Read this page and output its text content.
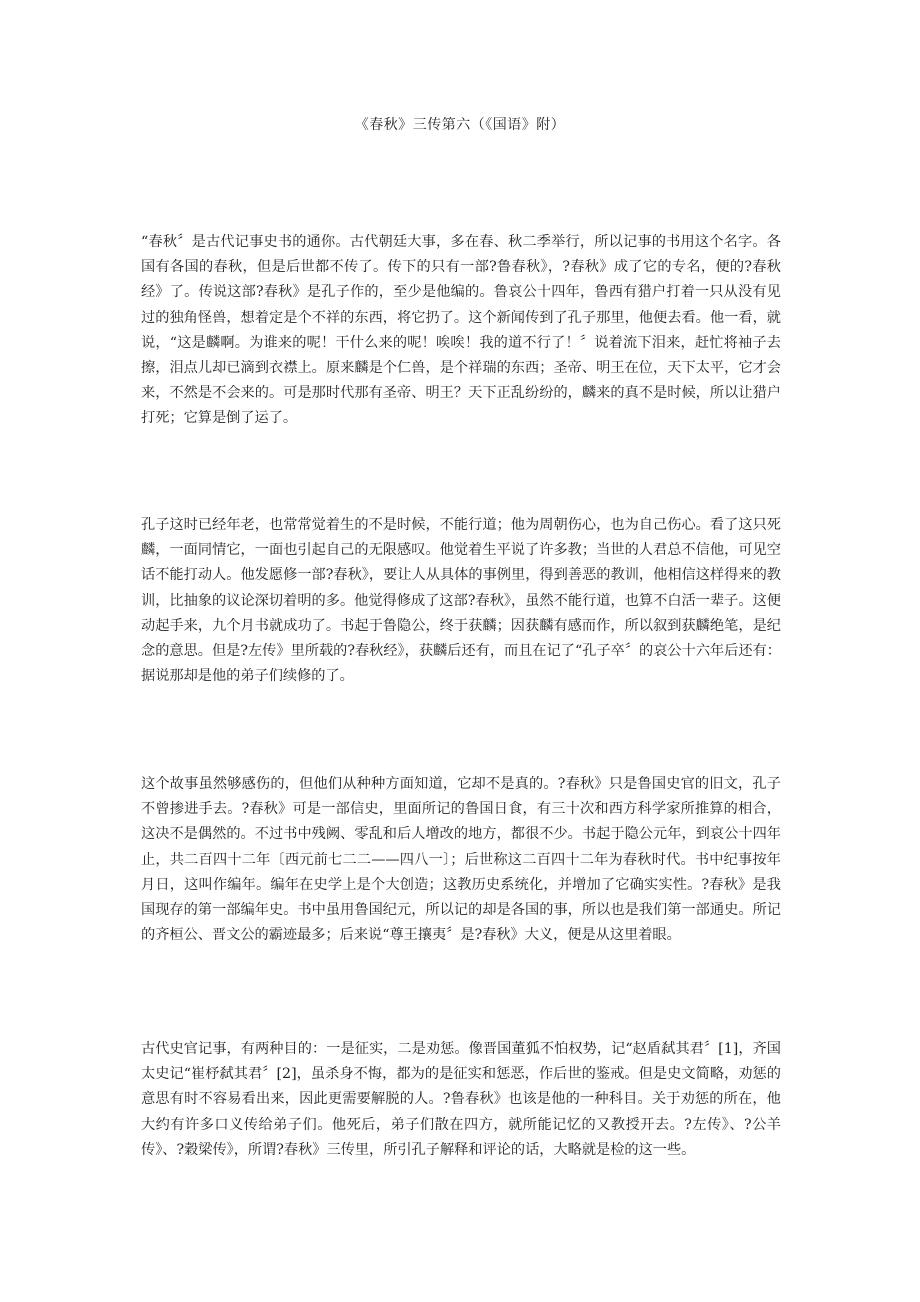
《春秋》三传第六（《国语》附）

“春秋〞是古代记事史书的通你。古代朝廷大事，多在春、秋二季举行，所以记事的书用这个名字。各国有各国的春秋，但是后世都不传了。传下的只有一部?鲁春秋》，?春秋》成了它的专名，便的?春秋经》了。传说这部?春秋》是孔子作的，至少是他编的。鲁哀公十四年，鲁西有猎户打着一只从没有见过的独角怪兽，想着定是个不祥的东西，将它扔了。这个新闻传到了孔子那里，他便去看。他一看，就说，“这是麟啊。为谁来的呢！干什么来的呢！唉唉！我的道不行了！〞说着流下泪来，赶忙将袖子去擦，泪点儿却已滴到衣襟上。原来麟是个仁兽，是个祥瑞的东西；圣帝、明王在位，天下太平，它才会来，不然是不会来的。可是那时代那有圣帝、明王？天下正乱纷纷的，麟来的真不是时候，所以让猎户打死；它算是倒了运了。

孔子这时已经年老，也常常觉着生的不是时候，不能行道；他为周朝伤心，也为自己伤心。看了这只死麟，一面同情它，一面也引起自己的无限感叹。他觉着生平说了许多教；当世的人君总不信他，可见空话不能打动人。他发愿修一部?春秋》，要让人从具体的事例里，得到善恶的教训，他相信这样得来的教训，比抽象的议论深切着明的多。他觉得修成了这部?春秋》，虽然不能行道，也算不白活一辈子。这便动起手来，九个月书就成功了。书起于鲁隐公，终于获麟；因获麟有感而作，所以叙到获麟绝笔，是纪念的意思。但是?左传》里所载的?春秋经》，获麟后还有，而且在记了“孔子卒〞的哀公十六年后还有：据说那却是他的弟子们续修的了。

这个故事虽然够感伤的，但他们从种种方面知道，它却不是真的。?春秋》只是鲁国史官的旧文，孔子不曾掺进手去。?春秋》可是一部信史，里面所记的鲁国日食，有三十次和西方科学家所推算的相合，这决不是偶然的。不过书中残阙、零乱和后人增改的地方，都很不少。书起于隐公元年，到哀公十四年止，共二百四十二年〔西元前七二二——四八一〕；后世称这二百四十二年为春秋时代。书中纪事按年月日，这叫作编年。编年在史学上是个大创造；这教历史系统化，并增加了它确实实性。?春秋》是我国现存的第一部编年史。书中虽用鲁国纪元，所以记的却是各国的事，所以也是我们第一部通史。所记的齐桓公、晋文公的霸迹最多；后来说“尊王攘夷〞是?春秋》大义，便是从这里着眼。

古代史官记事，有两种目的：一是征实，二是劝惩。像晋国董狐不怕权势，记“赵盾弑其君〞[1]，齐国太史记“崔杼弑其君〞[2]，虽杀身不悔，都为的是征实和惩恶，作后世的鉴戒。但是史文简略，劝惩的意思有时不容易看出来，因此更需要解脱的人。?鲁春秋》也该是他的一种科目。关于劝惩的所在，他大约有许多口义传给弟子们。他死后，弟子们散在四方，就所能记忆的又教授开去。?左传》、?公羊传》、?穀梁传》，所谓?春秋》三传里，所引孔子解释和评论的话，大略就是检的这一些。
